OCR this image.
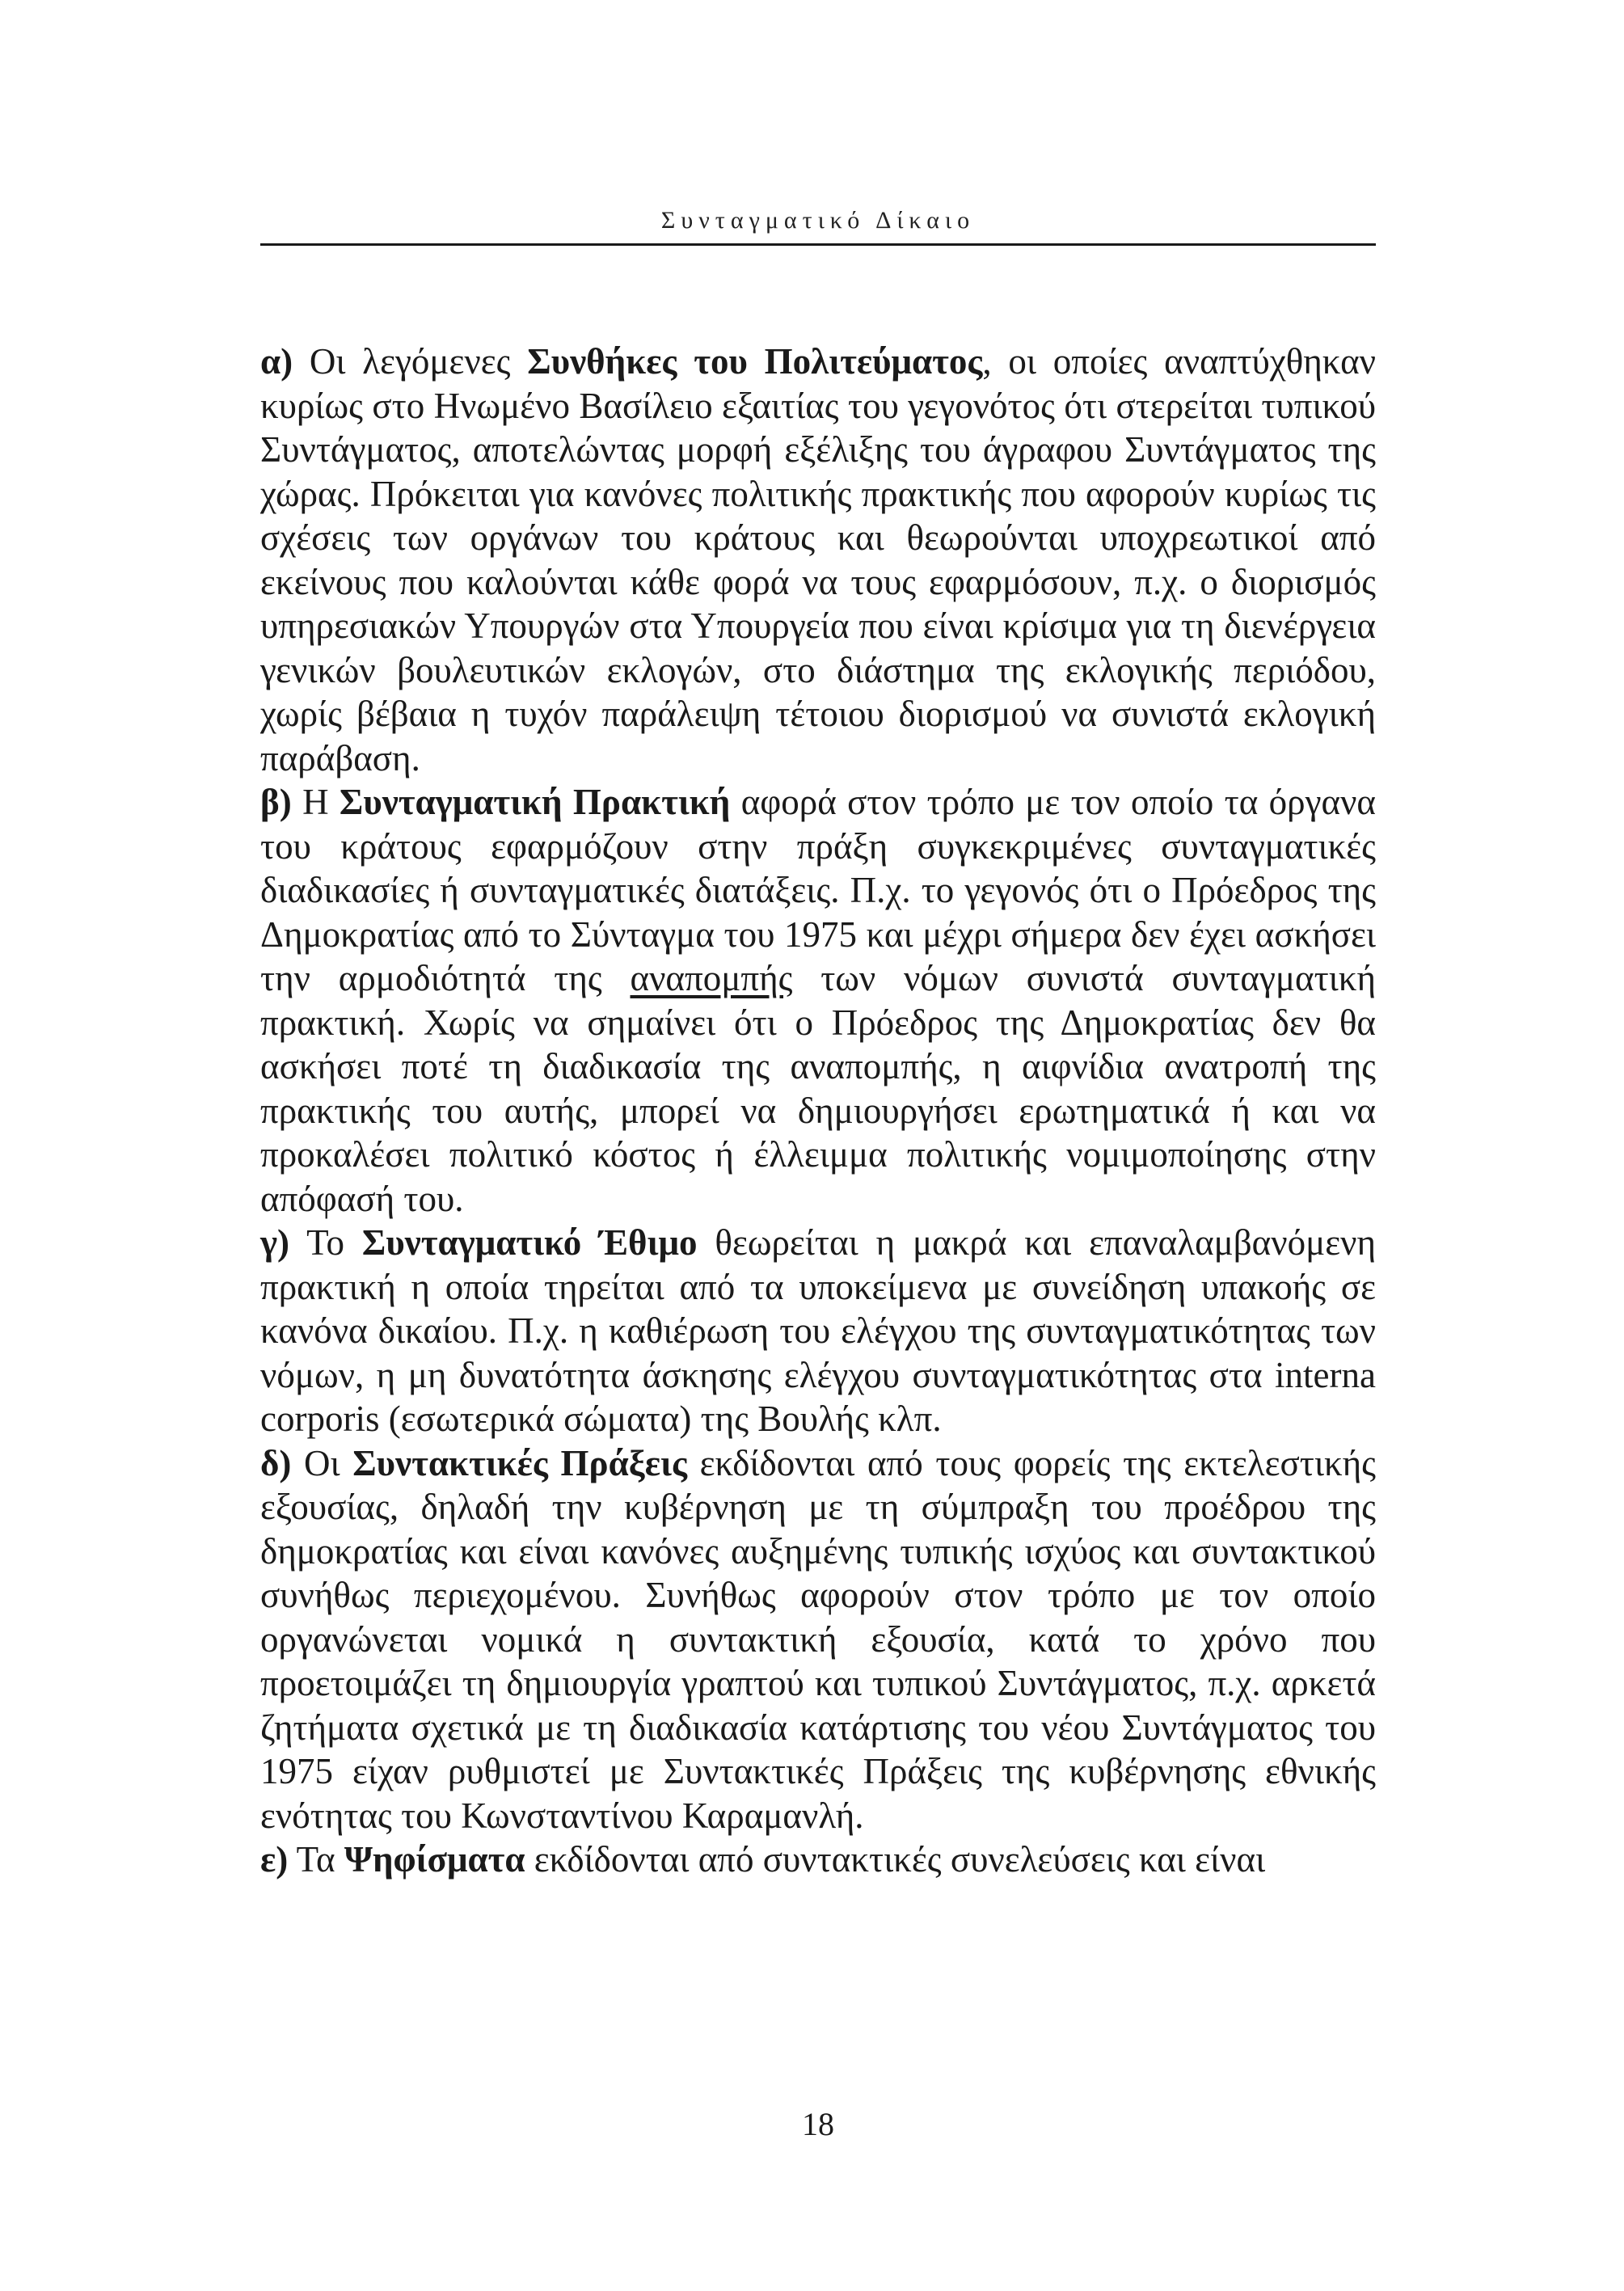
Συνταγματικό Δίκαιο

α) Οι λεγόμενες Συνθήκες του Πολιτεύματος, οι οποίες αναπτύχθηκαν κυρίως στο Ηνωμένο Βασίλειο εξαιτίας του γεγονότος ότι στερείται τυπικού Συντάγματος, αποτελώντας μορφή εξέλιξης του άγραφου Συντάγματος της χώρας. Πρόκειται για κανόνες πολιτικής πρακτικής που αφορούν κυρίως τις σχέσεις των οργάνων του κράτους και θεωρούνται υποχρεωτικοί από εκείνους που καλούνται κάθε φορά να τους εφαρμόσουν, π.χ. ο διορισμός υπηρεσιακών Υπουργών στα Υπουργεία που είναι κρίσιμα για τη διενέργεια γενικών βουλευτικών εκλογών, στο διάστημα της εκλογικής περιόδου, χωρίς βέβαια η τυχόν παράλειψη τέτοιου διορισμού να συνιστά εκλογική παράβαση.

β) Η Συνταγματική Πρακτική αφορά στον τρόπο με τον οποίο τα όργανα του κράτους εφαρμόζουν στην πράξη συγκεκριμένες συνταγματικές διαδικασίες ή συνταγματικές διατάξεις. Π.χ. το γεγονός ότι ο Πρόεδρος της Δημοκρατίας από το Σύνταγμα του 1975 και μέχρι σήμερα δεν έχει ασκήσει την αρμοδιότητά της αναπομπής των νόμων συνιστά συνταγματική πρακτική. Χωρίς να σημαίνει ότι ο Πρόεδρος της Δημοκρατίας δεν θα ασκήσει ποτέ τη διαδικασία της αναπομπής, η αιφνίδια ανατροπή της πρακτικής του αυτής, μπορεί να δημιουργήσει ερωτηματικά ή και να προκαλέσει πολιτικό κόστος ή έλλειμμα πολιτικής νομιμοποίησης στην απόφασή του.

γ) Το Συνταγματικό Έθιμο θεωρείται η μακρά και επαναλαμβανόμενη πρακτική η οποία τηρείται από τα υποκείμενα με συνείδηση υπακοής σε κανόνα δικαίου. Π.χ. η καθιέρωση του ελέγχου της συνταγματικότητας των νόμων, η μη δυνατότητα άσκησης ελέγχου συνταγματικότητας στα interna corporis (εσωτερικά σώματα) της Βουλής κλπ.

δ) Οι Συντακτικές Πράξεις εκδίδονται από τους φορείς της εκτελεστικής εξουσίας, δηλαδή την κυβέρνηση με τη σύμπραξη του προέδρου της δημοκρατίας και είναι κανόνες αυξημένης τυπικής ισχύος και συντακτικού συνήθως περιεχομένου. Συνήθως αφορούν στον τρόπο με τον οποίο οργανώνεται νομικά η συντακτική εξουσία, κατά το χρόνο που προετοιμάζει τη δημιουργία γραπτού και τυπικού Συντάγματος, π.χ. αρκετά ζητήματα σχετικά με τη διαδικασία κατάρτισης του νέου Συντάγματος του 1975 είχαν ρυθμιστεί με Συντακτικές Πράξεις της κυβέρνησης εθνικής ενότητας του Κωνσταντίνου Καραμανλή.

ε) Τα Ψηφίσματα εκδίδονται από συντακτικές συνελεύσεις και είναι

18
